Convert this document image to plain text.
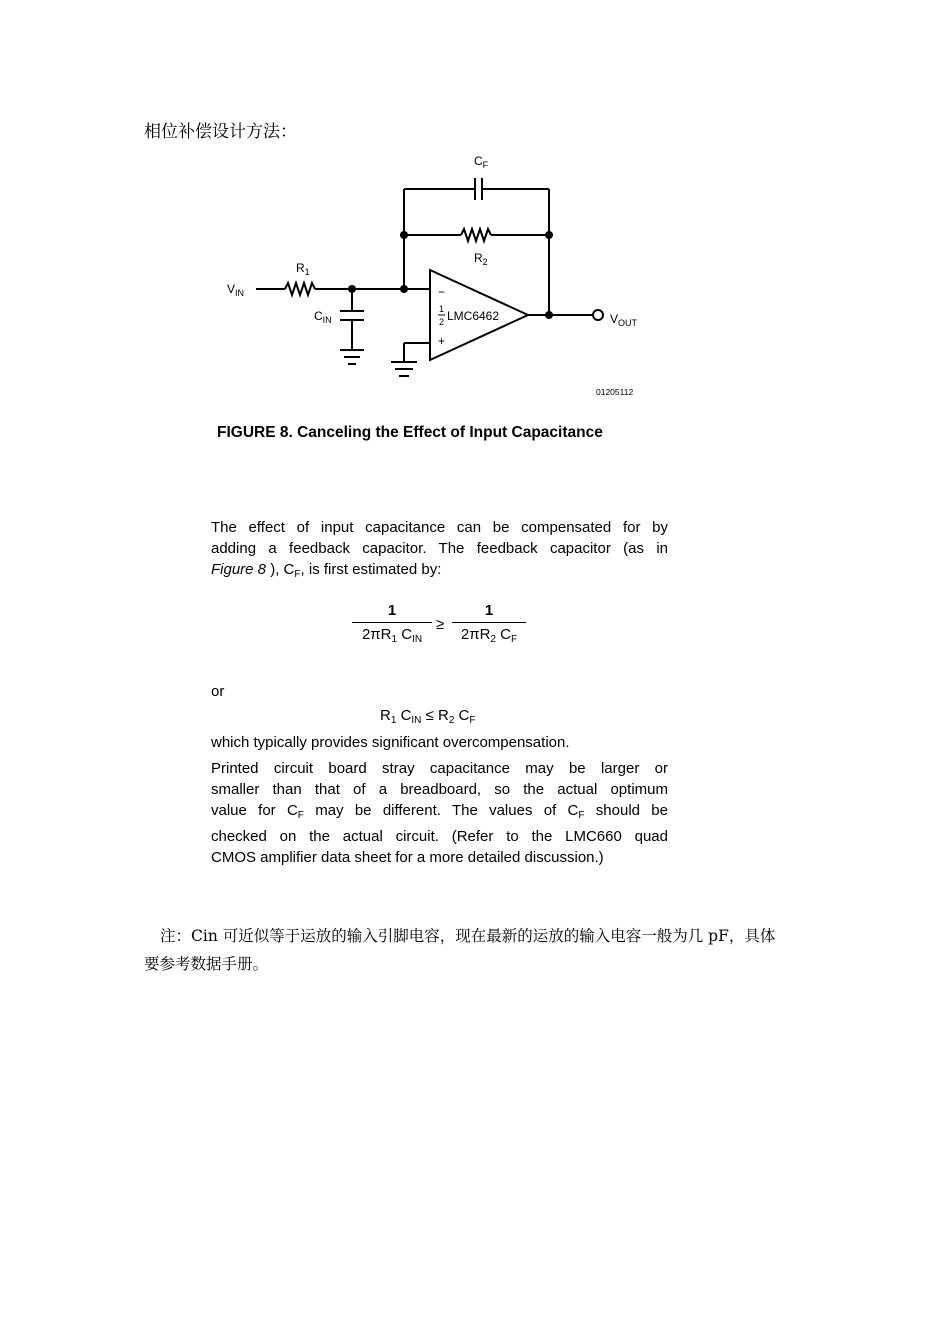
相位补偿设计方法：
$C_F$
$R_2$
$R_1$
$V_{IN}$
$C_{IN}$	$V_{OUT}$
−
+
1
2 LMC6462
01205112
FIGURE 8. Canceling the Effect of Input Capacitance
The effect of input capacitance can be compensated for by
adding a feedback capacitor. The feedback capacitor (as in
Figure 8 ), $C_F$, is first estimated by:
1
$2\pi R_1$ $C_{IN}$
≥
1
$2\pi R_2$ $C_F$
or
$R_1$ $C_{IN} \le R_2$ $C_F$
which typically provides significant overcompensation.
Printed circuit board stray capacitance may be larger or
smaller than that of a breadboard, so the actual optimum
value for $C_F$ may be different. The values of $C_F$ should be
checked on the actual circuit. (Refer to the LMC660 quad
CMOS amplifier data sheet for a more detailed discussion.)
注：Cin 可近似等于运放的输入引脚电容，现在最新的运放的输入电容一般为几 pF，具体
要参考数据手册。
